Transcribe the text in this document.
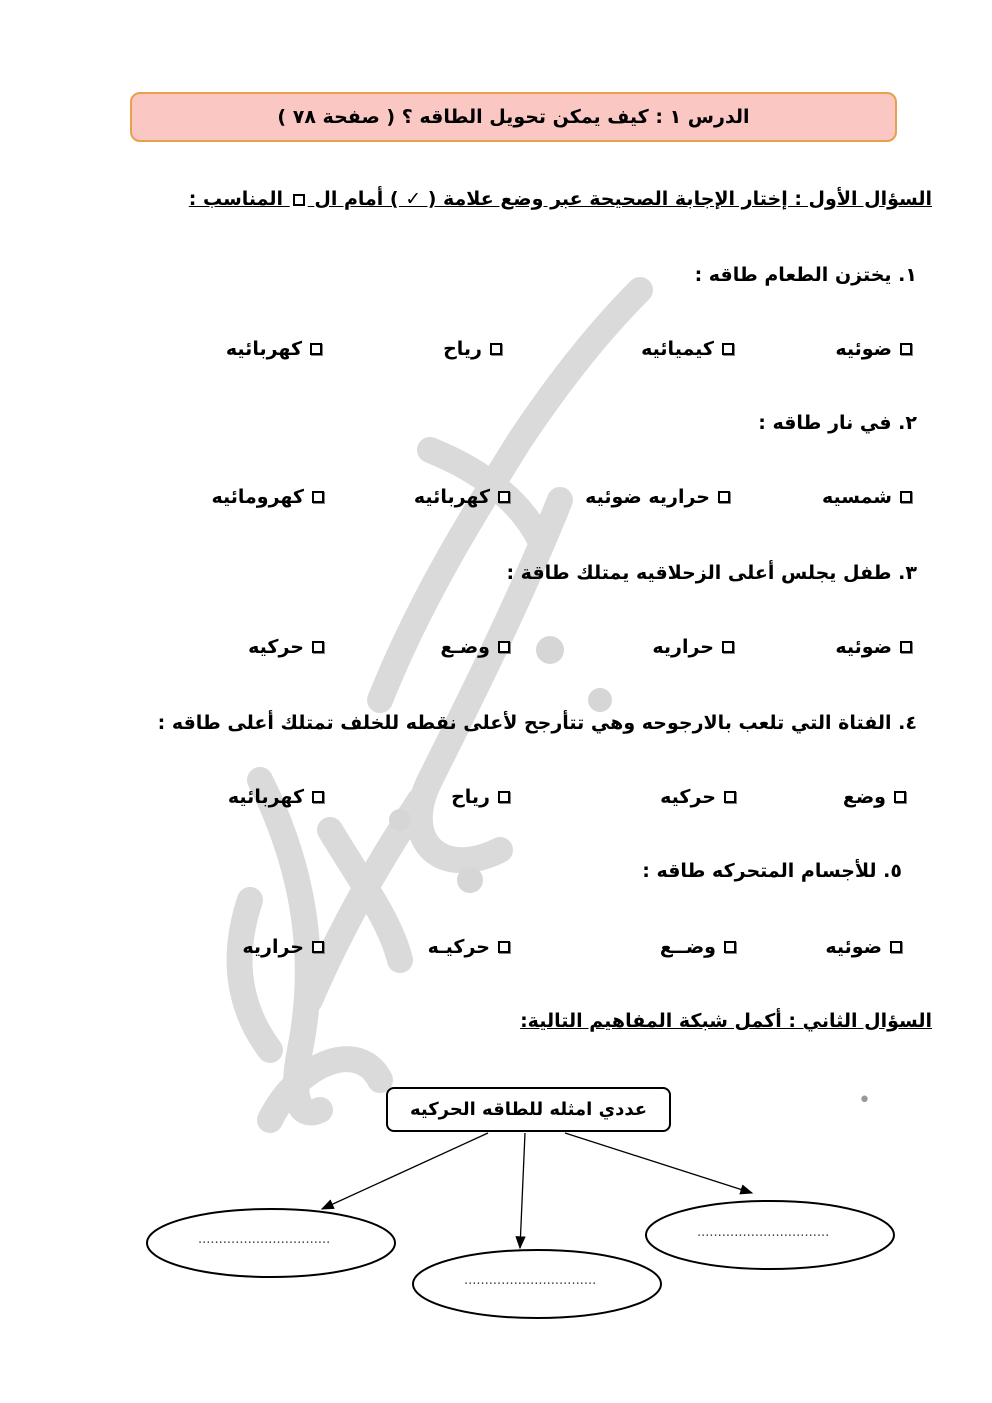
الدرس ١ : كيف يمكن تحويل الطاقه ؟ ( صفحة ٧٨ )
السؤال الأول : إختار الإجابة الصحيحة عبر وضع علامة ( ✓ ) أمام ال  المناسب :
١. يختزن الطعام طاقه :
ضوئيه
كيميائيه
رياح
كهربائيه
٢. في نار طاقه :
شمسيه
حراريه ضوئيه
كهربائيه
كهرومائيه
٣. طفل يجلس أعلى الزحلاقيه يمتلك طاقة :
ضوئيه
حراريه
وضـع
حركيه
٤. الفتاة التي تلعب بالارجوحه وهي تتأرجح لأعلى نقطه للخلف تمتلك أعلى طاقه :
وضع
حركيه
رياح
كهربائيه
٥. للأجسام المتحركه طاقه :
ضوئيه
وضــع
حركيـه
حراريه
السؤال الثاني : أكمل شبكة المفاهيم التالية:
عددي امثله للطاقه الحركيه	•
................................
................................
................................
